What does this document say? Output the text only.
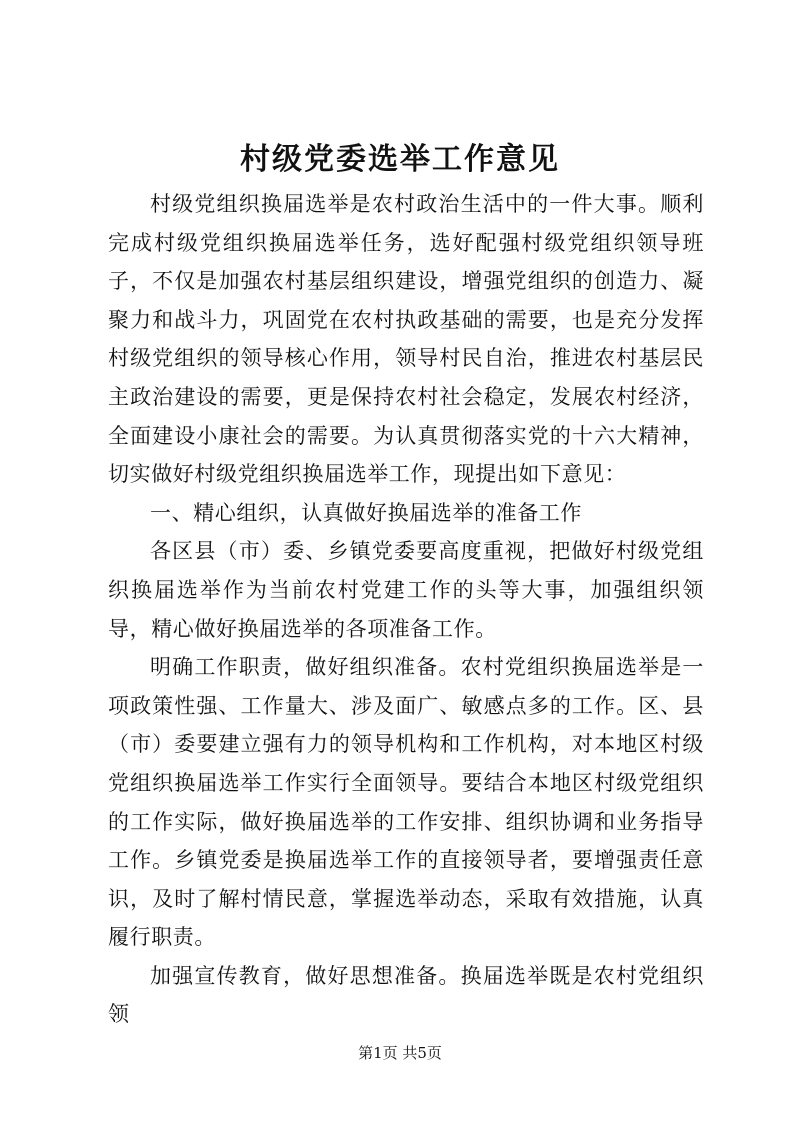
村级党委选举工作意见

村级党组织换届选举是农村政治生活中的一件大事。顺利完成村级党组织换届选举任务，选好配强村级党组织领导班子，不仅是加强农村基层组织建设，增强党组织的创造力、凝聚力和战斗力，巩固党在农村执政基础的需要，也是充分发挥村级党组织的领导核心作用，领导村民自治，推进农村基层民主政治建设的需要，更是保持农村社会稳定，发展农村经济，全面建设小康社会的需要。为认真贯彻落实党的十六大精神，切实做好村级党组织换届选举工作，现提出如下意见：

一、精心组织，认真做好换届选举的准备工作

各区县（市）委、乡镇党委要高度重视，把做好村级党组织换届选举作为当前农村党建工作的头等大事，加强组织领导，精心做好换届选举的各项准备工作。

明确工作职责，做好组织准备。农村党组织换届选举是一项政策性强、工作量大、涉及面广、敏感点多的工作。区、县（市）委要建立强有力的领导机构和工作机构，对本地区村级党组织换届选举工作实行全面领导。要结合本地区村级党组织的工作实际，做好换届选举的工作安排、组织协调和业务指导工作。乡镇党委是换届选举工作的直接领导者，要增强责任意识，及时了解村情民意，掌握选举动态，采取有效措施，认真履行职责。

加强宣传教育，做好思想准备。换届选举既是农村党组织领

第1页 共5页
